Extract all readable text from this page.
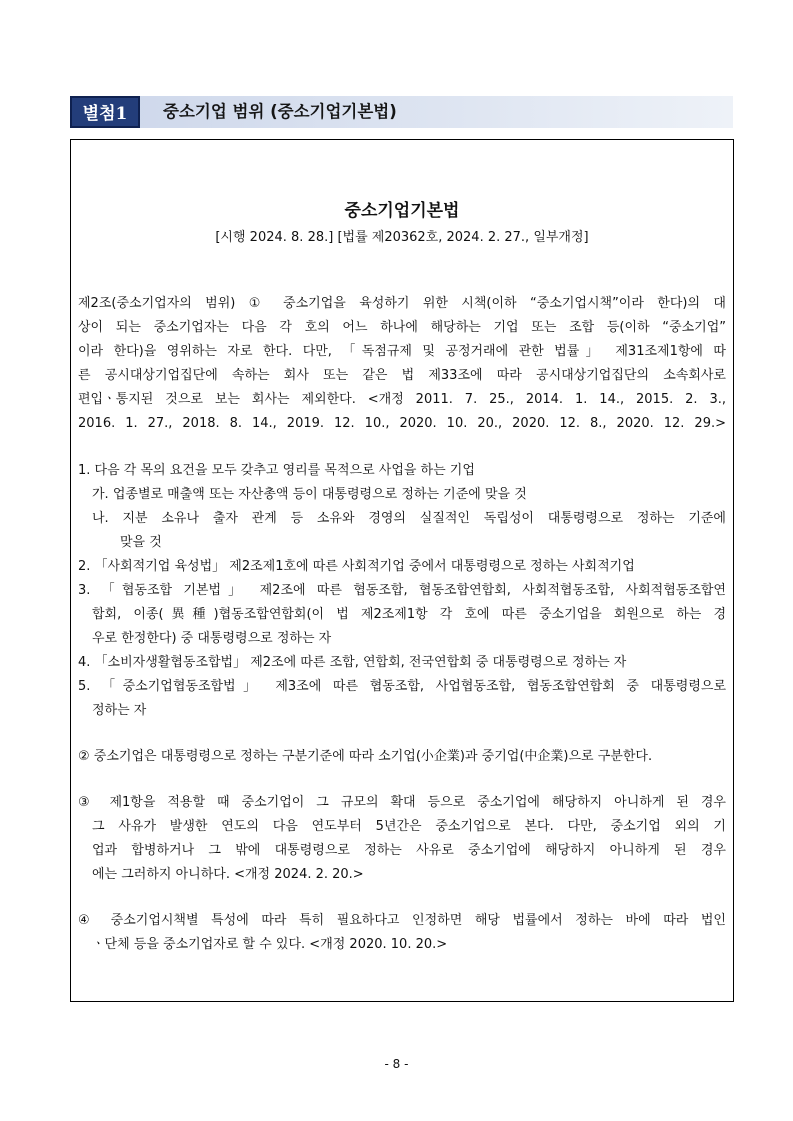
별첨1	중소기업 범위 (중소기업기본법)
중소기업기본법
[시행 2024. 8. 28.] [법률 제20362호, 2024. 2. 27., 일부개정]
제2조(중소기업자의 범위) ① 중소기업을 육성하기 위한 시책(이하 “중소기업시책”이라 한다)의 대
상이 되는 중소기업자는 다음 각 호의 어느 하나에 해당하는 기업 또는 조합 등(이하 “중소기업”
이라 한다)을 영위하는 자로 한다. 다만, 「독점규제 및 공정거래에 관한 법률」 제31조제1항에 따
른 공시대상기업집단에 속하는 회사 또는 같은 법 제33조에 따라 공시대상기업집단의 소속회사로
편입ㆍ통지된 것으로 보는 회사는 제외한다. <개정 2011. 7. 25., 2014. 1. 14., 2015. 2. 3.,
2016. 1. 27., 2018. 8. 14., 2019. 12. 10., 2020. 10. 20., 2020. 12. 8., 2020. 12. 29.>
1. 다음 각 목의 요건을 모두 갖추고 영리를 목적으로 사업을 하는 기업
가. 업종별로 매출액 또는 자산총액 등이 대통령령으로 정하는 기준에 맞을 것
나. 지분 소유나 출자 관계 등 소유와 경영의 실질적인 독립성이 대통령령으로 정하는 기준에
맞을 것
2. 「사회적기업 육성법」 제2조제1호에 따른 사회적기업 중에서 대통령령으로 정하는 사회적기업
3. 「협동조합 기본법」 제2조에 따른 협동조합, 협동조합연합회, 사회적협동조합, 사회적협동조합연
합회, 이종(異種)협동조합연합회(이 법 제2조제1항 각 호에 따른 중소기업을 회원으로 하는 경
우로 한정한다) 중 대통령령으로 정하는 자
4. 「소비자생활협동조합법」 제2조에 따른 조합, 연합회, 전국연합회 중 대통령령으로 정하는 자
5. 「중소기업협동조합법」 제3조에 따른 협동조합, 사업협동조합, 협동조합연합회 중 대통령령으로
정하는 자
② 중소기업은 대통령령으로 정하는 구분기준에 따라 소기업(小企業)과 중기업(中企業)으로 구분한다.
③ 제1항을 적용할 때 중소기업이 그 규모의 확대 등으로 중소기업에 해당하지 아니하게 된 경우
그 사유가 발생한 연도의 다음 연도부터 5년간은 중소기업으로 본다. 다만, 중소기업 외의 기
업과 합병하거나 그 밖에 대통령령으로 정하는 사유로 중소기업에 해당하지 아니하게 된 경우
에는 그러하지 아니하다. <개정 2024. 2. 20.>
④ 중소기업시책별 특성에 따라 특히 필요하다고 인정하면 해당 법률에서 정하는 바에 따라 법인
ㆍ단체 등을 중소기업자로 할 수 있다. <개정 2020. 10. 20.>
- 8 -
